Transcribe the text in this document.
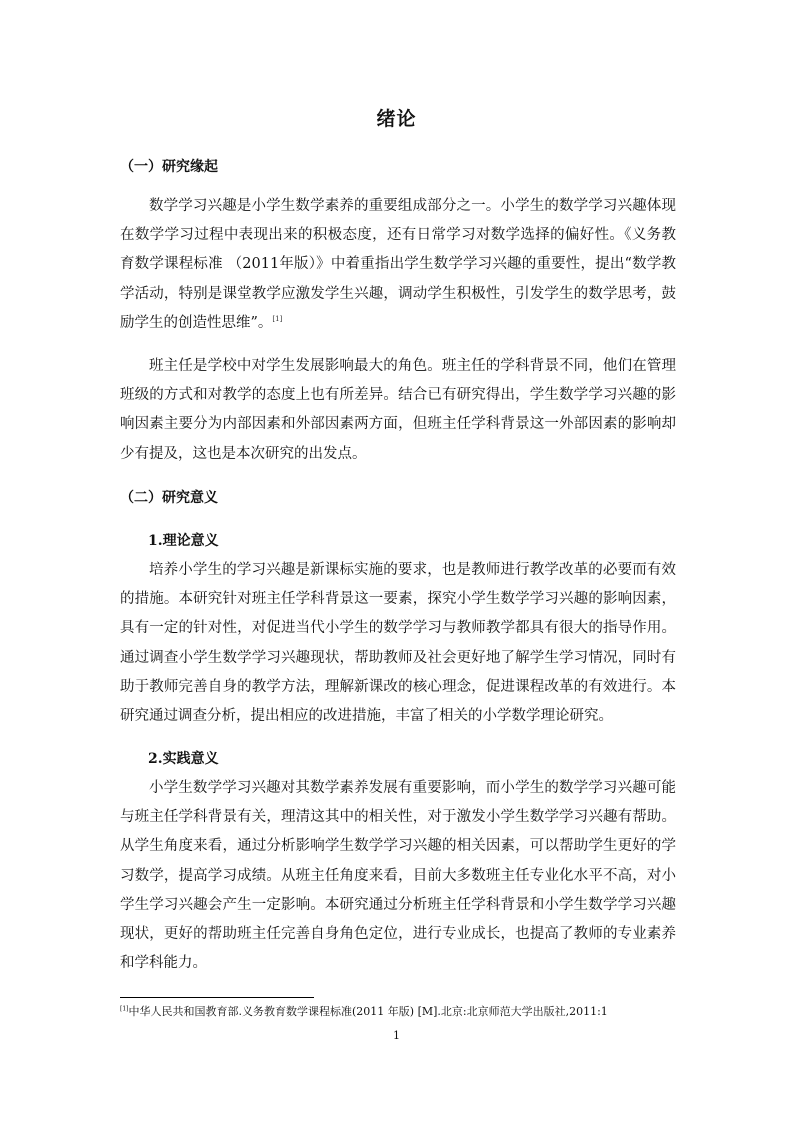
绪论
（一）研究缘起

数学学习兴趣是小学生数学素养的重要组成部分之一。小学生的数学学习兴趣体现在数学学习过程中表现出来的积极态度，还有日常学习对数学选择的偏好性。《义务教育数学课程标准 （2011年版）》中着重指出学生数学学习兴趣的重要性，提出“数学教学活动，特别是课堂教学应激发学生兴趣，调动学生积极性，引发学生的数学思考，鼓励学生的创造性思维”。[1]

班主任是学校中对学生发展影响最大的角色。班主任的学科背景不同，他们在管理班级的方式和对教学的态度上也有所差异。结合已有研究得出，学生数学学习兴趣的影响因素主要分为内部因素和外部因素两方面，但班主任学科背景这一外部因素的影响却少有提及，这也是本次研究的出发点。

（二）研究意义
1.理论意义

培养小学生的学习兴趣是新课标实施的要求，也是教师进行教学改革的必要而有效的措施。本研究针对班主任学科背景这一要素，探究小学生数学学习兴趣的影响因素，具有一定的针对性，对促进当代小学生的数学学习与教师教学都具有很大的指导作用。通过调查小学生数学学习兴趣现状，帮助教师及社会更好地了解学生学习情况，同时有助于教师完善自身的教学方法，理解新课改的核心理念，促进课程改革的有效进行。本研究通过调查分析，提出相应的改进措施，丰富了相关的小学数学理论研究。

2.实践意义

小学生数学学习兴趣对其数学素养发展有重要影响，而小学生的数学学习兴趣可能与班主任学科背景有关，理清这其中的相关性，对于激发小学生数学学习兴趣有帮助。从学生角度来看，通过分析影响学生数学学习兴趣的相关因素，可以帮助学生更好的学习数学，提高学习成绩。从班主任角度来看，目前大多数班主任专业化水平不高，对小学生学习兴趣会产生一定影响。本研究通过分析班主任学科背景和小学生数学学习兴趣现状，更好的帮助班主任完善自身角色定位，进行专业成长，也提高了教师的专业素养和学科能力。

[1]中华人民共和国教育部.义务教育数学课程标准(2011 年版) [M].北京:北京师范大学出版社,2011:1
1
